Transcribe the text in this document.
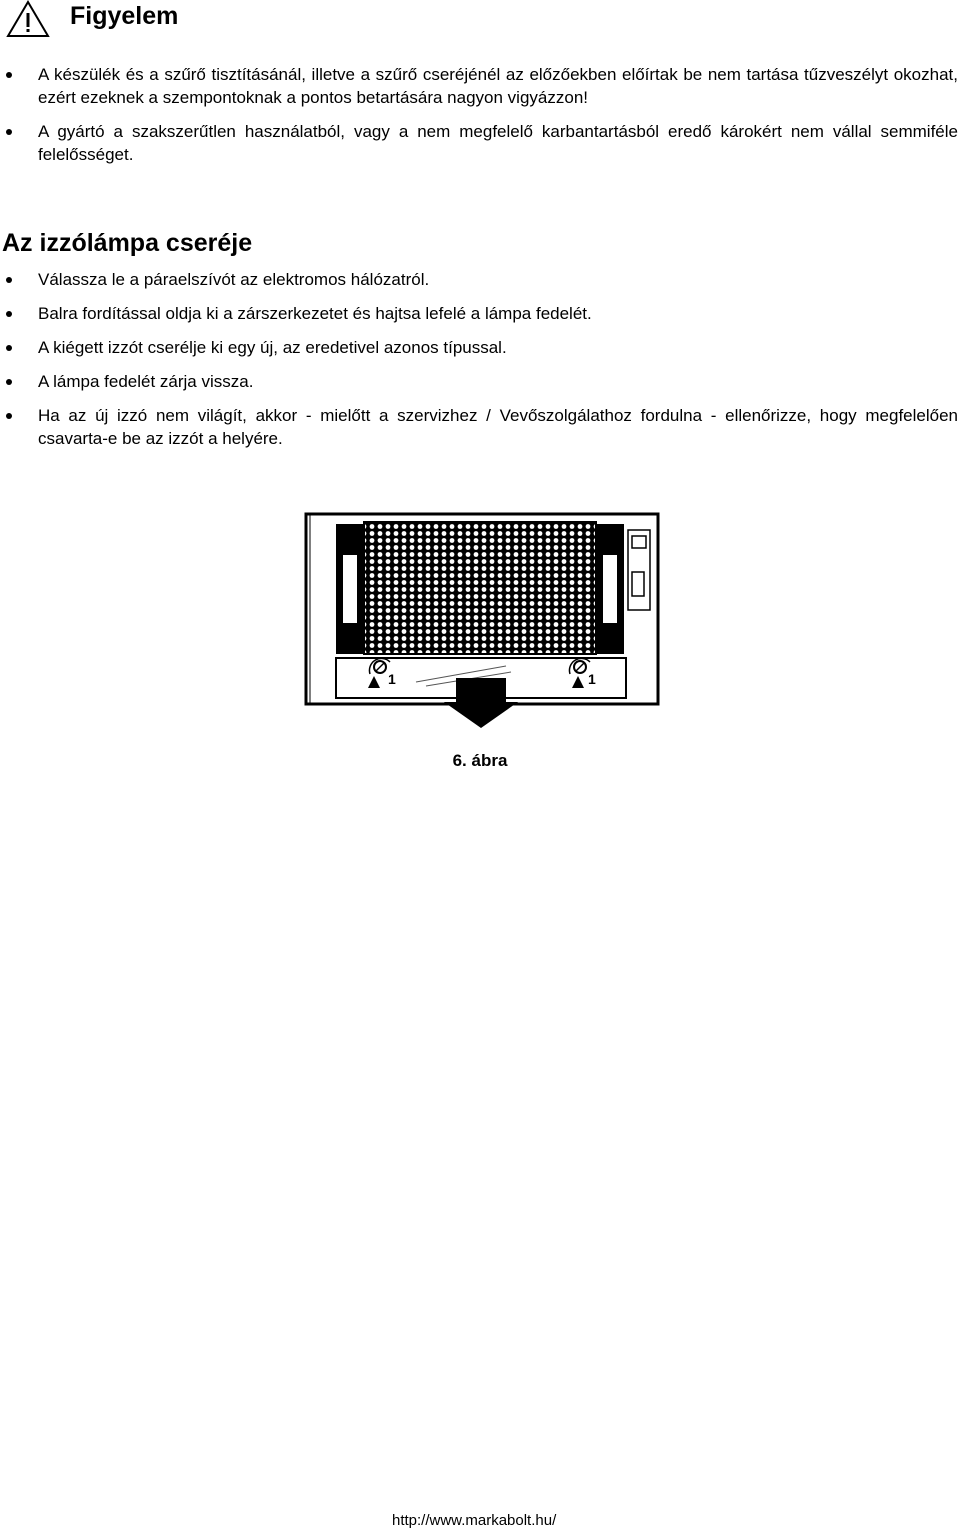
Figyelem
A készülék és a szűrő tisztításánál, illetve a szűrő cseréjénél az előzőekben előírtak be nem tartása tűzveszélyt okozhat, ezért ezeknek a szempontoknak a pontos betartására nagyon vigyázzon!
A gyártó a szakszerűtlen használatból, vagy a nem megfelelő karbantartásból eredő károkért nem vállal semmiféle felelősséget.
Az izzólámpa cseréje
Válassza le a páraelszívót az elektromos hálózatról.
Balra fordítással oldja ki a zárszerkezetet és hajtsa lefelé a lámpa fedelét.
A kiégett izzót cserélje ki egy új, az eredetivel azonos típussal.
A lámpa fedelét zárja vissza.
Ha az új izzó nem világít, akkor - mielőtt a szervizhez / Vevőszolgálathoz fordulna - ellenőrizze, hogy megfelelően csavarta-e be az izzót a helyére.
1	1
6. ábra
http://www.markabolt.hu/
